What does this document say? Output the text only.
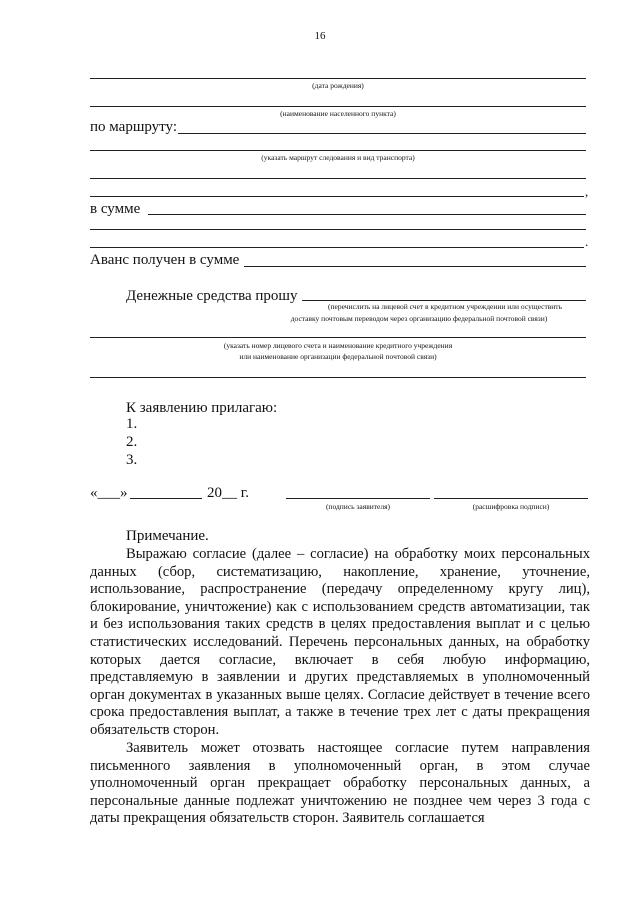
16
(дата рождения)
(наименование населенного пункта)
по маршруту:
(указать маршрут следования и вид транспорта)
,
в сумме
.
Аванс получен в сумме
Денежные средства прошу
(перечислить на лицевой счет в кредитном учреждении или осуществить
доставку почтовым переводом через организацию федеральной почтовой связи)
(указать номер лицевого счета и наименование кредитного учреждения
или наименование организации федеральной почтовой связи)
К заявлению прилагаю:
1.
2.
3.
«___»	20__ г.
(подпись заявителя)	(расшифровка подписи)
Примечание.
Выражаю согласие (далее – согласие) на обработку моих персональных данных (сбор, систематизацию, накопление, хранение, уточнение, использование, распространение (передачу определенному кругу лиц), блокирование, уничтожение) как с использованием средств автоматизации, так и без использования таких средств в целях предоставления выплат и с целью статистических исследований. Перечень персональных данных, на обработку которых дается согласие, включает в себя любую информацию, представляемую в заявлении и других представляемых в уполномоченный орган документах в указанных выше целях. Согласие действует в течение всего срока предоставления выплат, а также в течение трех лет с даты прекращения обязательств сторон.
Заявитель может отозвать настоящее согласие путем направления письменного заявления в уполномоченный орган, в этом случае уполномоченный орган прекращает обработку персональных данных, а персональные данные подлежат уничтожению не позднее чем через 3 года с даты прекращения обязательств сторон. Заявитель соглашается
